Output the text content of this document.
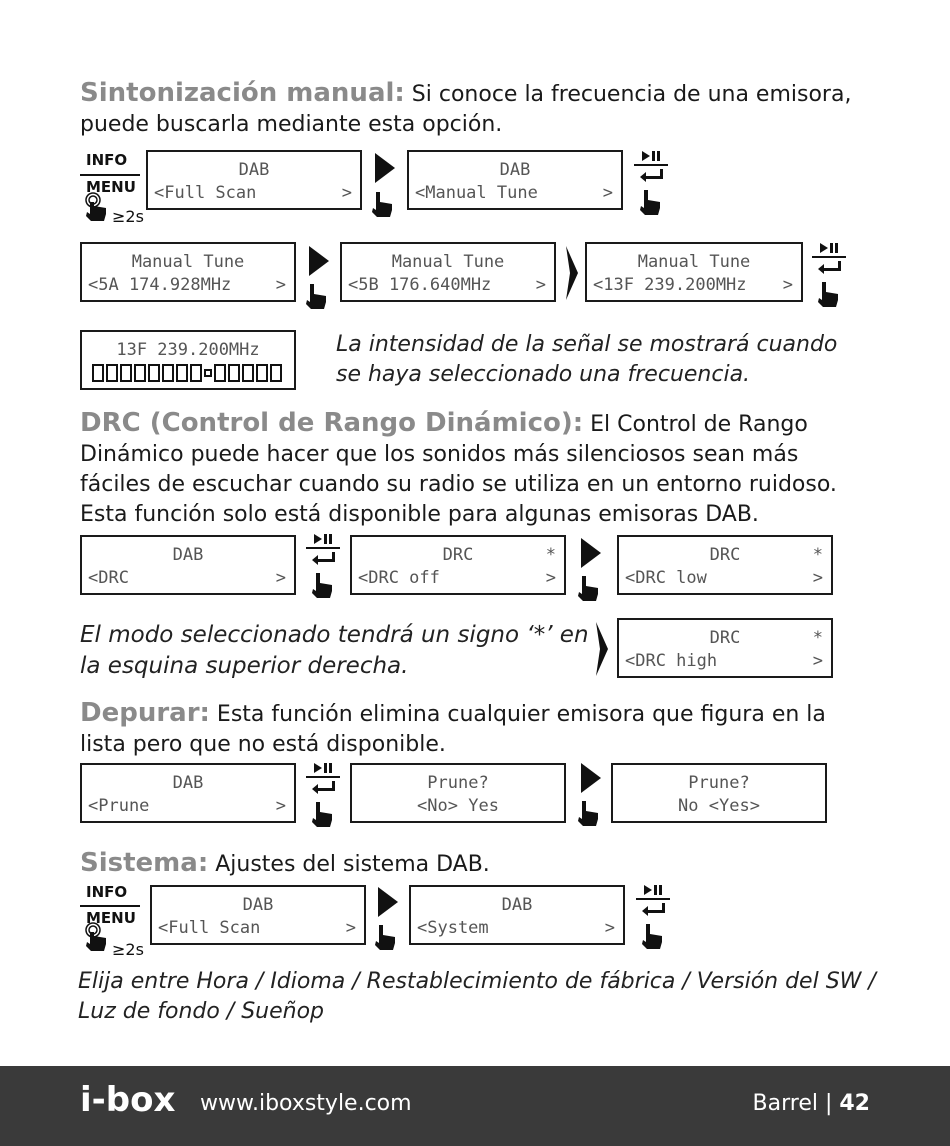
Sintonización manual: Si conoce la frecuencia de una emisora, puede buscarla mediante esta opción.
INFO
MENU
≥2s
DAB
<Full Scan	>
DAB
<Manual Tune	>
Manual Tune
<5A 174.928MHz	>
Manual Tune
<5B 176.640MHz	>
Manual Tune
<13F 239.200MHz	>
13F 239.200MHz	La intensidad de la señal se mostrará cuando se haya seleccionado una frecuencia.
DRC (Control de Rango Dinámico): El Control de Rango Dinámico puede hacer que los sonidos más silenciosos sean más fáciles de escuchar cuando su radio se utiliza en un entorno ruidoso. Esta función solo está disponible para algunas emisoras DAB.
DAB
<DRC	>
DRC	*
<DRC off	>
DRC	*
<DRC low	>
El modo seleccionado tendrá un signo ‘*’ en la esquina superior derecha.
DRC	*
<DRC high	>
Depurar: Esta función elimina cualquier emisora que figura en la lista pero que no está disponible.
DAB
<Prune	>
Prune?
<No> Yes
Prune?
No <Yes>
Sistema: Ajustes del sistema DAB.
INFO
MENU
≥2s
DAB
<Full Scan	>
DAB
<System	>
Elija entre Hora / Idioma / Restablecimiento de fábrica / Versión del SW / Luz de fondo / Sueñop
i-box www.iboxstyle.com	Barrel | 42
